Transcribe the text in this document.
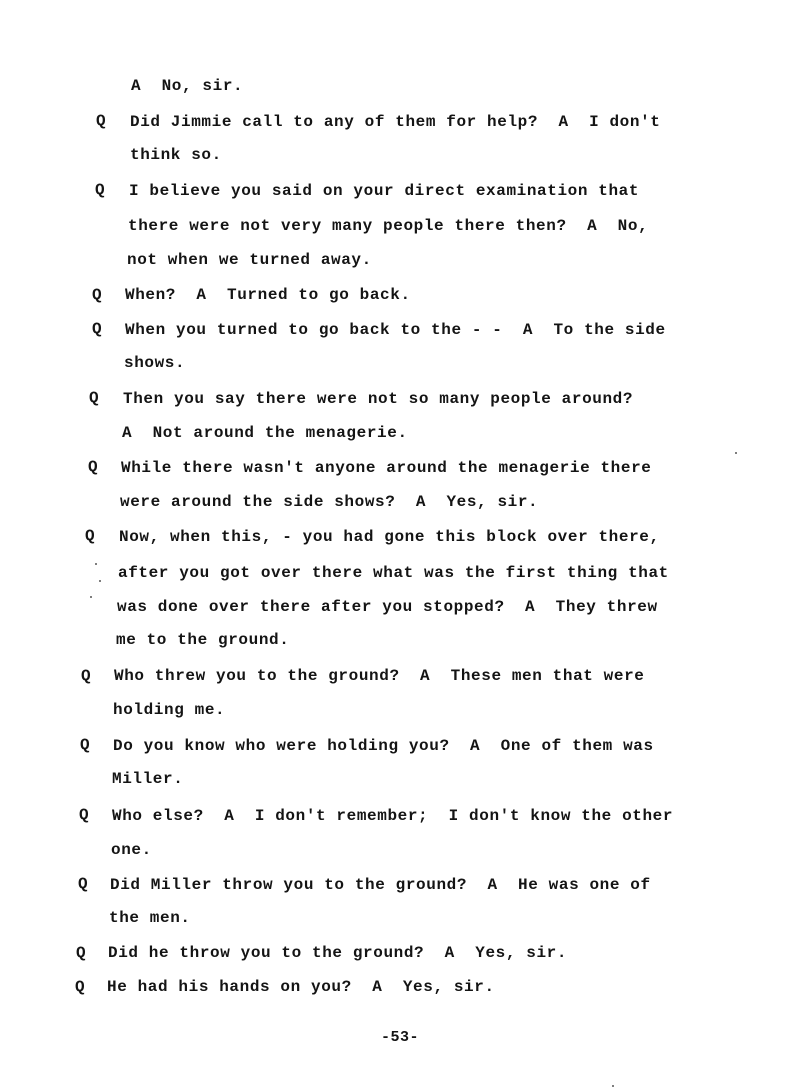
A  No, sir.
Q Did Jimmie call to any of them for help?  A  I don't
think so.
Q I believe you said on your direct examination that
there were not very many people there then?  A  No,
not when we turned away.
Q When?  A  Turned to go back.
Q When you turned to go back to the - -  A  To the side
shows.
Q Then you say there were not so many people around?
A  Not around the menagerie.
Q While there wasn't anyone around the menagerie there
were around the side shows?  A  Yes, sir.
Q Now, when this, - you had gone this block over there,
after you got over there what was the first thing that
was done over there after you stopped?  A  They threw
me to the ground.
Q Who threw you to the ground?  A  These men that were
holding me.
Q Do you know who were holding you?  A  One of them was
Miller.
Q Who else?  A  I don't remember;  I don't know the other
one.
Q Did Miller throw you to the ground?  A  He was one of
the men.
Q Did he throw you to the ground?  A  Yes, sir.
Q He had his hands on you?  A  Yes, sir.
-53-
